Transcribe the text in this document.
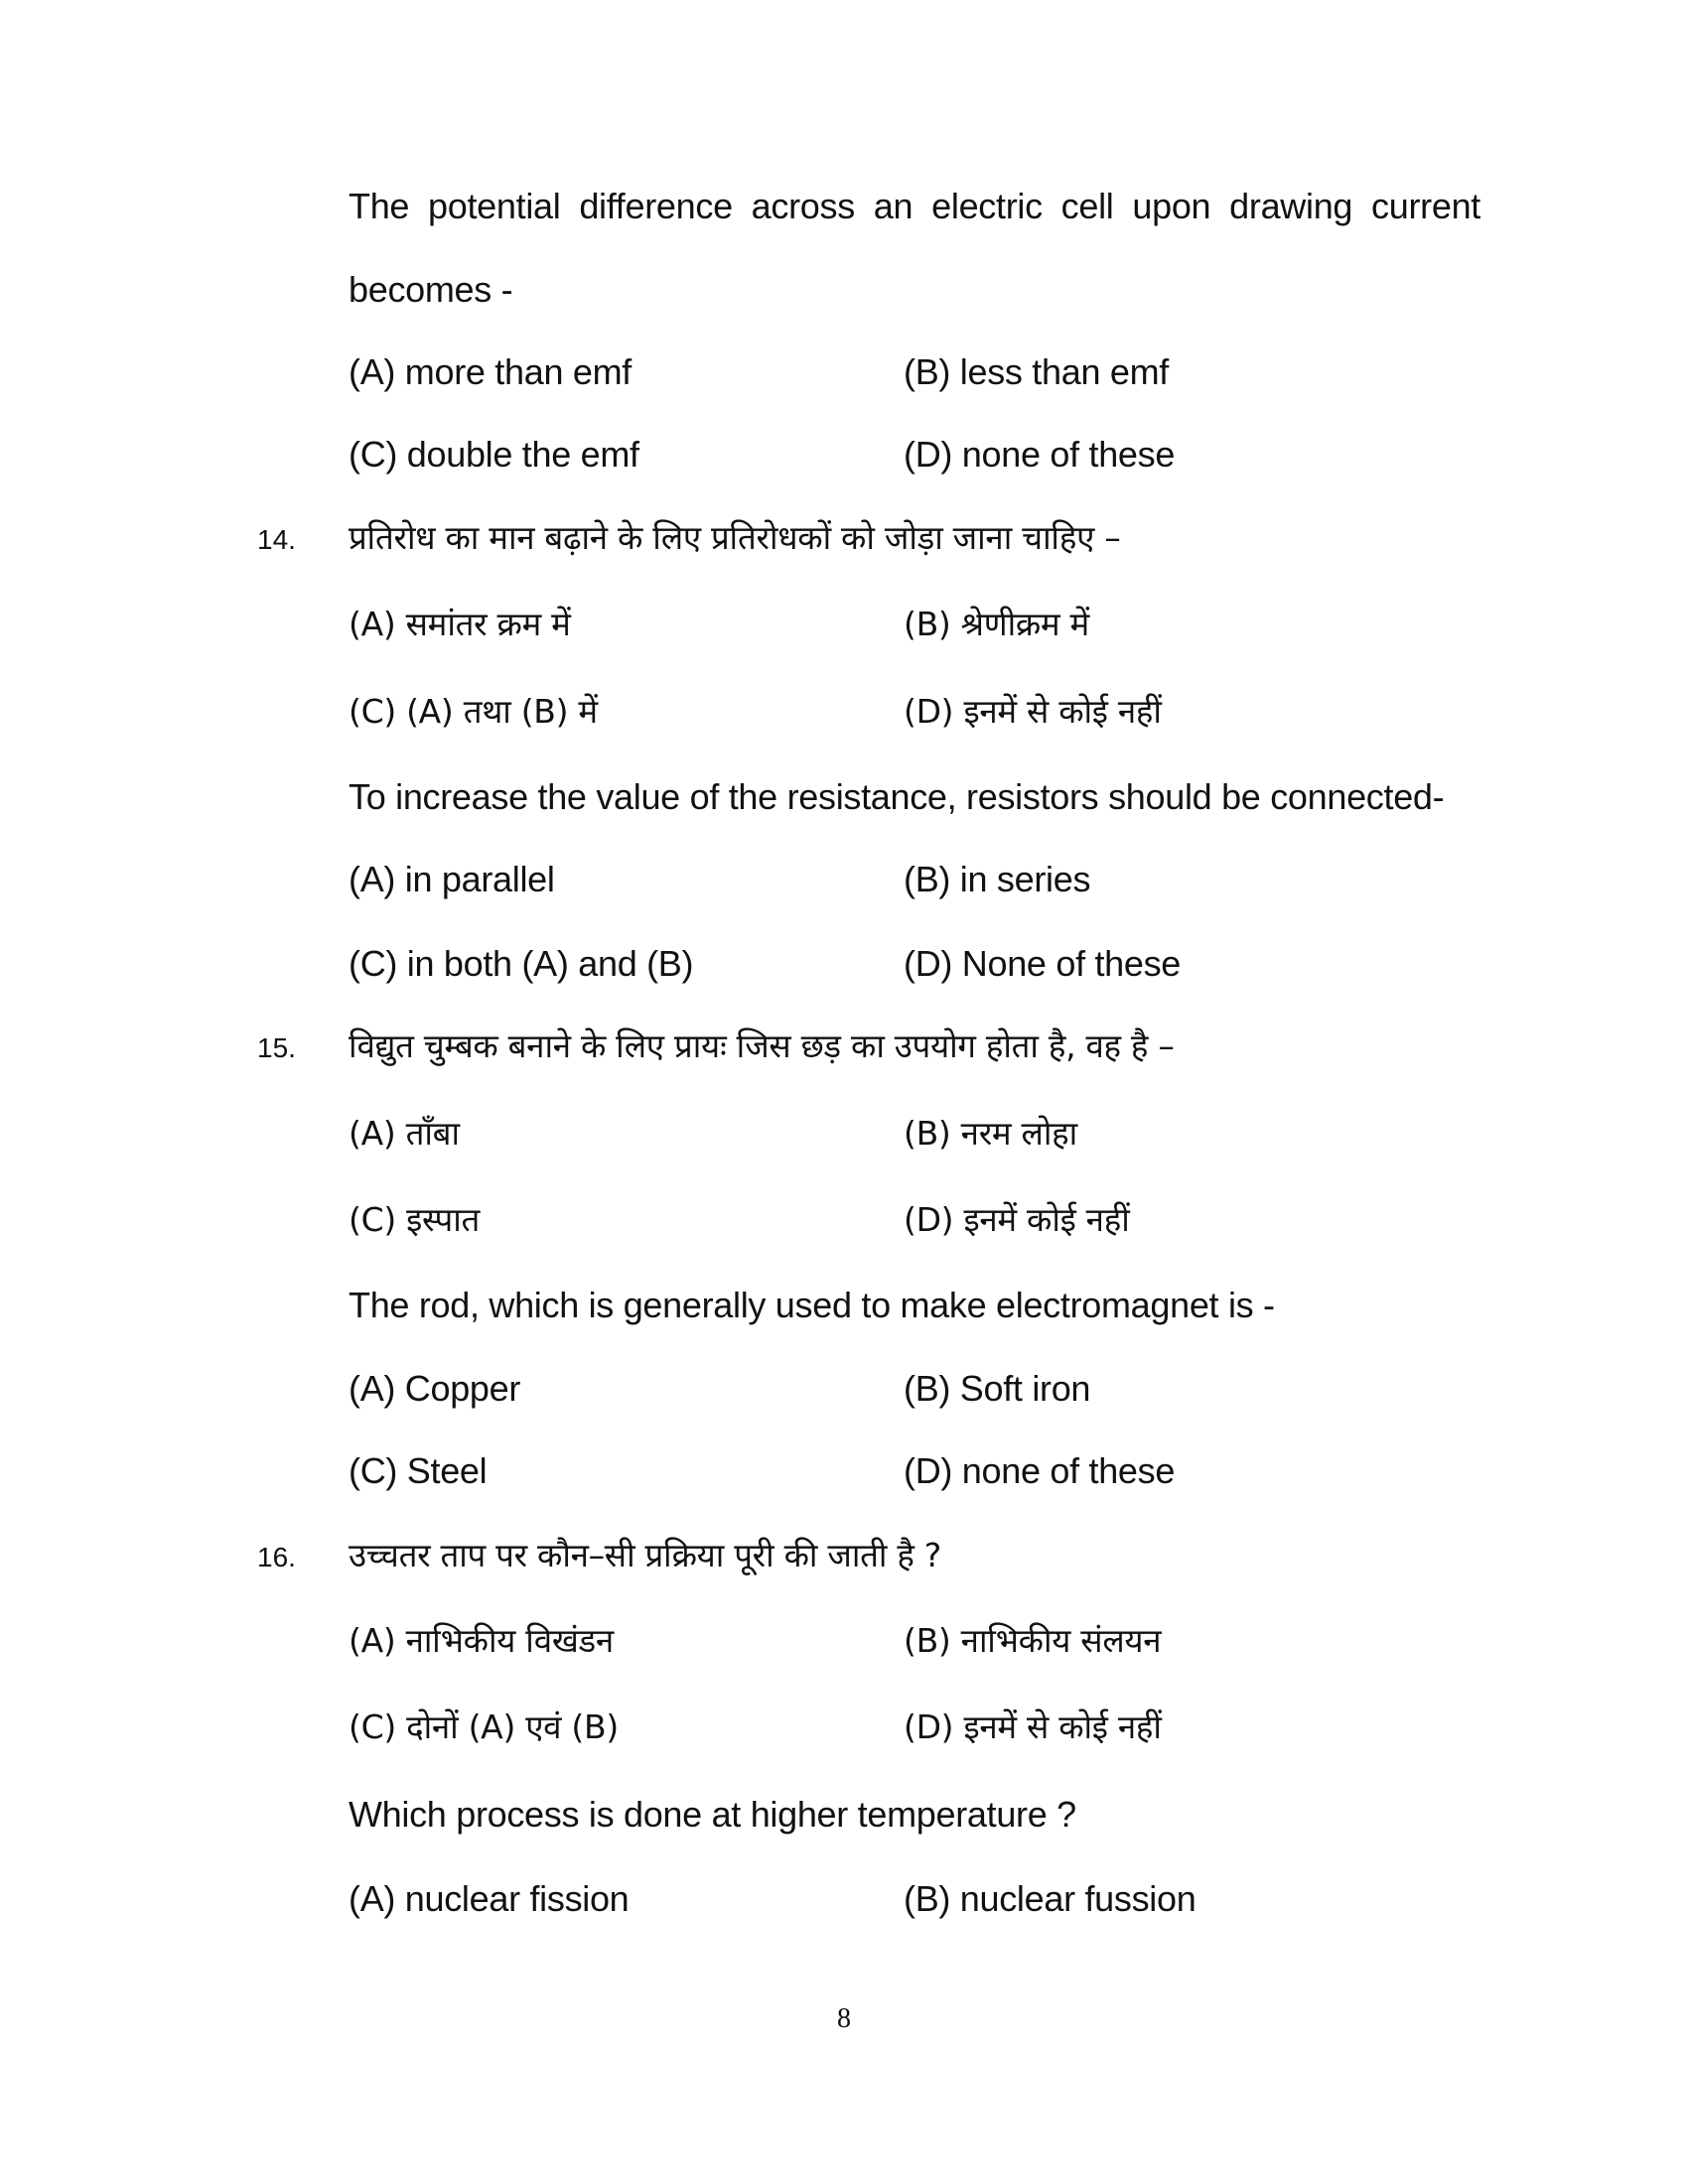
The potential difference across an electric cell upon drawing current
becomes -
(A) more than emf	(B) less than emf
(C) double the emf	(D) none of these
14. प्रतिरोध का मान बढ़ाने के लिए प्रतिरोधकों को जोड़ा जाना चाहिए –
(A) समांतर क्रम में	(B) श्रेणीक्रम में
(C) (A) तथा (B) में	(D) इनमें से कोई नहीं
To increase the value of the resistance, resistors should be connected-
(A) in parallel	(B) in series
(C) in both (A) and (B)	(D) None of these
15. विद्युत चुम्बक बनाने के लिए प्रायः जिस छड़ का उपयोग होता है, वह है –
(A) ताँबा	(B) नरम लोहा
(C) इस्पात	(D) इनमें कोई नहीं
The rod, which is generally used to make electromagnet is -
(A) Copper	(B) Soft iron
(C) Steel	(D) none of these
16. उच्चतर ताप पर कौन–सी प्रक्रिया पूरी की जाती है ?
(A) नाभिकीय विखंडन	(B) नाभिकीय संलयन
(C) दोनों (A) एवं (B)	(D) इनमें से कोई नहीं
Which process is done at higher temperature ?
(A) nuclear fission	(B) nuclear fussion
8
